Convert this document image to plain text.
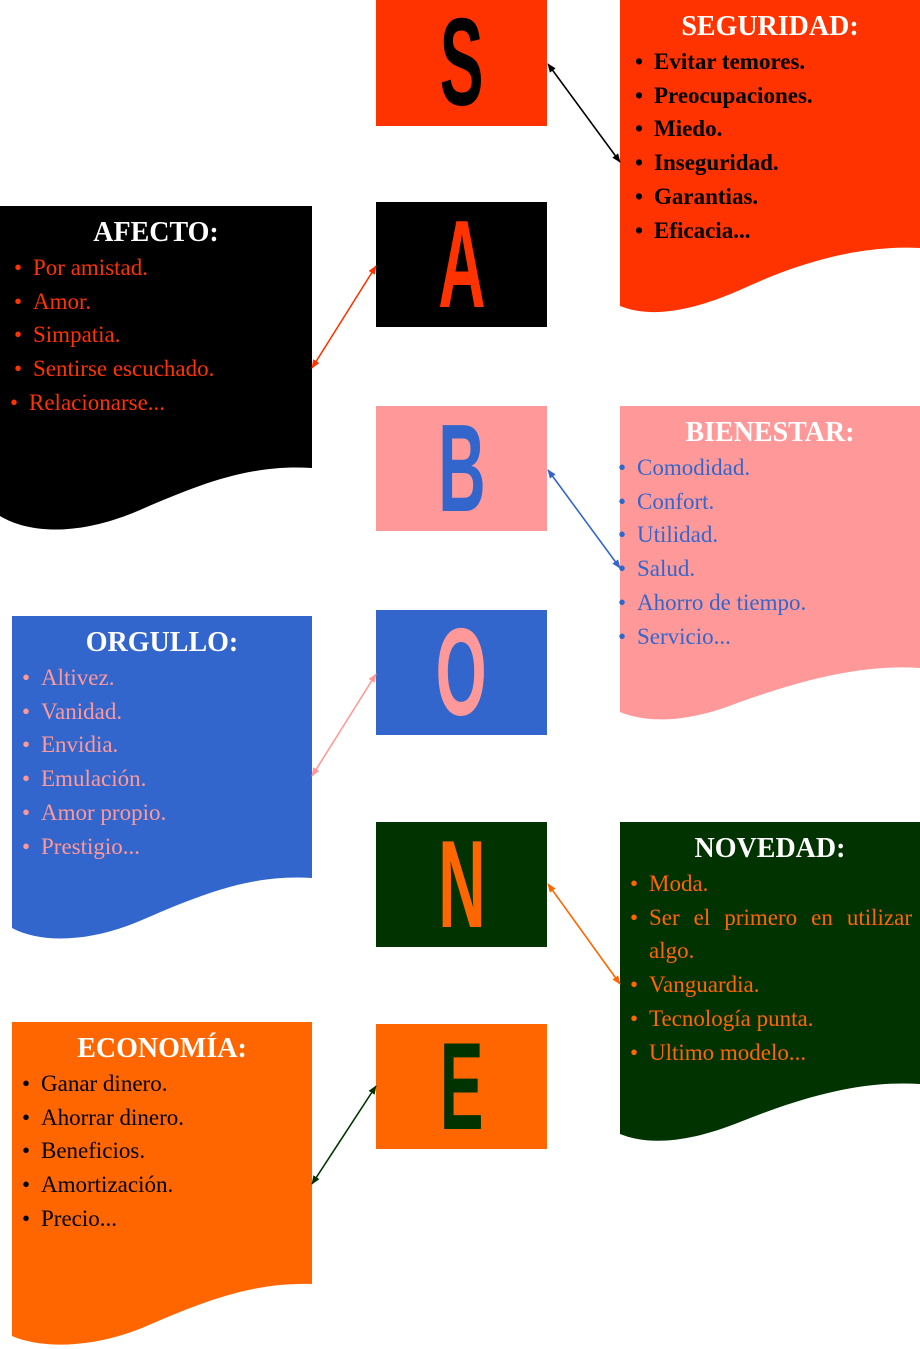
S
A
B
O
N
E
SEGURIDAD:
• Evitar temores.
• Preocupaciones.
• Miedo.
• Inseguridad.
• Garantias.
• Eficacia...
AFECTO:
• Por amistad.
• Amor.
• Simpatia.
• Sentirse escuchado.
• Relacionarse...
BIENESTAR:
• Comodidad.
• Confort.
• Utilidad.
• Salud.
• Ahorro de tiempo.
• Servicio...
ORGULLO:
• Altivez.
• Vanidad.
• Envidia.
• Emulación.
• Amor propio.
• Prestigio...	NOVEDAD:
• Moda.
• Ser el primero en utilizar algo.
• Vanguardia.
• Tecnología punta.
• Ultimo modelo...
ECONOMÍA:
• Ganar dinero.
• Ahorrar dinero.
• Beneficios.
• Amortización.
• Precio...
